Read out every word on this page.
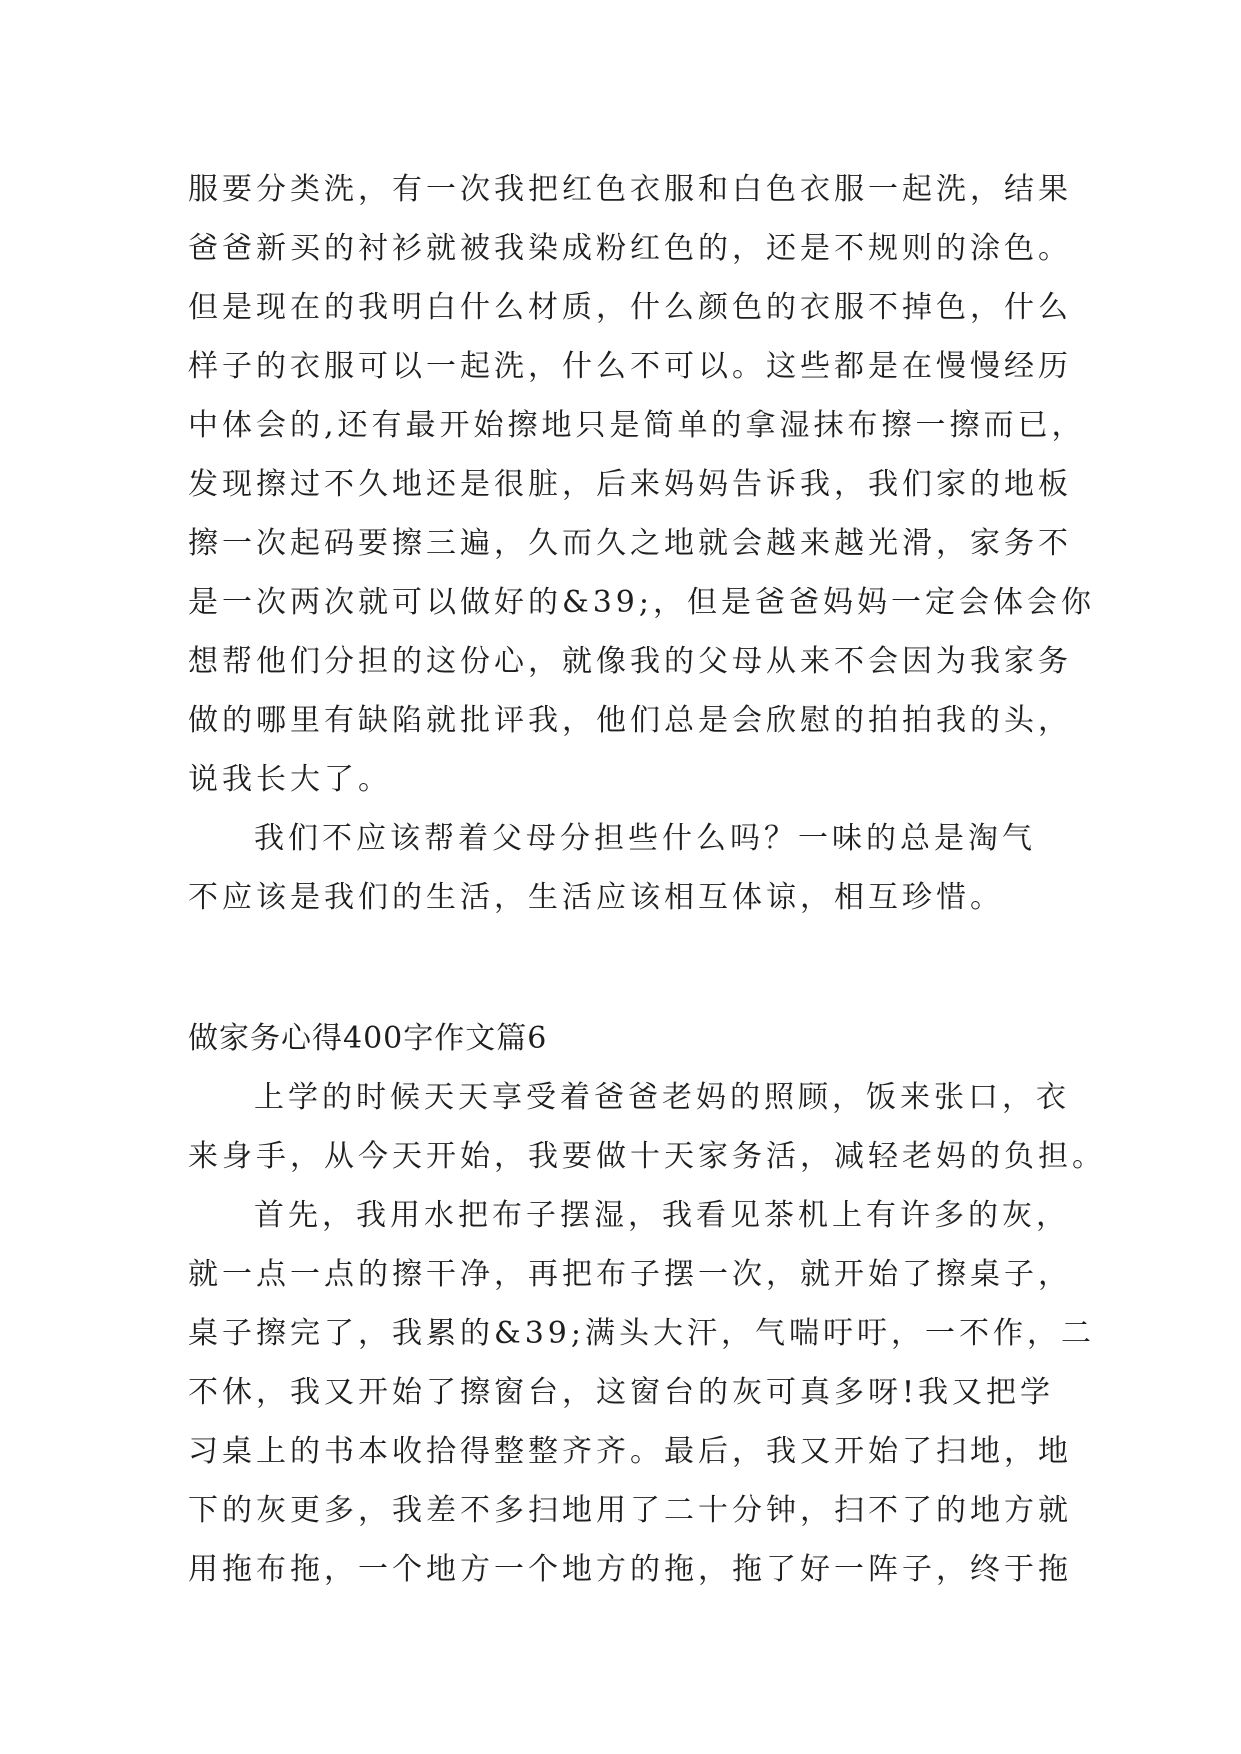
服要分类洗，有一次我把红色衣服和白色衣服一起洗，结果
爸爸新买的衬衫就被我染成粉红色的，还是不规则的涂色。
但是现在的我明白什么材质，什么颜色的衣服不掉色，什么
样子的衣服可以一起洗，什么不可以。这些都是在慢慢经历
中体会的,还有最开始擦地只是简单的拿湿抹布擦一擦而已，
发现擦过不久地还是很脏，后来妈妈告诉我，我们家的地板
擦一次起码要擦三遍，久而久之地就会越来越光滑，家务不
是一次两次就可以做好的&39;，但是爸爸妈妈一定会体会你
想帮他们分担的这份心，就像我的父母从来不会因为我家务
做的哪里有缺陷就批评我，他们总是会欣慰的拍拍我的头，
说我长大了。
我们不应该帮着父母分担些什么吗？一味的总是淘气
不应该是我们的生活，生活应该相互体谅，相互珍惜。
做家务心得400字作文篇6
上学的时候天天享受着爸爸老妈的照顾，饭来张口，衣
来身手，从今天开始，我要做十天家务活，减轻老妈的负担。
首先，我用水把布子摆湿，我看见茶机上有许多的灰，
就一点一点的擦干净，再把布子摆一次，就开始了擦桌子，
桌子擦完了，我累的&39;满头大汗，气喘吁吁，一不作，二
不休，我又开始了擦窗台，这窗台的灰可真多呀!我又把学
习桌上的书本收拾得整整齐齐。最后，我又开始了扫地，地
下的灰更多，我差不多扫地用了二十分钟，扫不了的地方就
用拖布拖，一个地方一个地方的拖，拖了好一阵子，终于拖
